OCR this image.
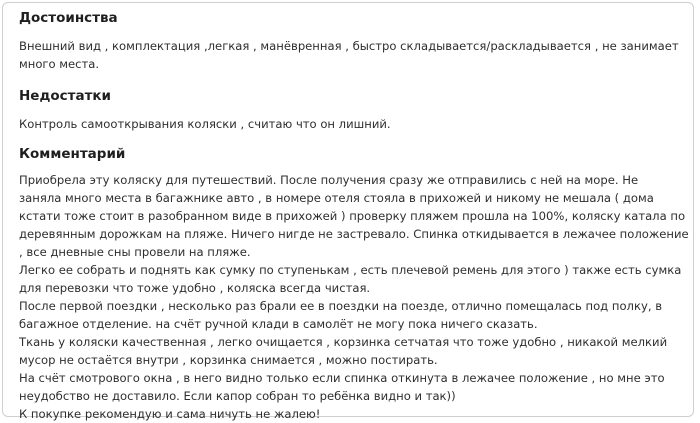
Достоинства

Внешний вид , комплектация ,легкая , манёвренная , быстро складывается/раскладывается , не занимает
много места.

Недостатки

Контроль самооткрывания коляски , считаю что он лишний.

Комментарий

Приобрела эту коляску для путешествий. После получения сразу же отправились с ней на море. Не
заняла много места в багажнике авто , в номере отеля стояла в прихожей и никому не мешала ( дома
кстати тоже стоит в разобранном виде в прихожей ) проверку пляжем прошла на 100%, коляску катала по
деревянным дорожкам на пляже. Ничего нигде не застревало. Спинка откидывается в лежачее положение
, все дневные сны провели на пляже.
Легко ее собрать и поднять как сумку по ступенькам , есть плечевой ремень для этого ) также есть сумка
для перевозки что тоже удобно , коляска всегда чистая.
После первой поездки , несколько раз брали ее в поездки на поезде, отлично помещалась под полку, в
багажное отделение. на счёт ручной клади в самолёт не могу пока ничего сказать.
Ткань у коляски качественная , легко очищается , корзинка сетчатая что тоже удобно , никакой мелкий
мусор не остаётся внутри , корзинка снимается , можно постирать.
На счёт смотрового окна , в него видно только если спинка откинута в лежачее положение , но мне это
неудобство не доставило. Если капор собран то ребёнка видно и так))
К покупке рекомендую и сама ничуть не жалею!
